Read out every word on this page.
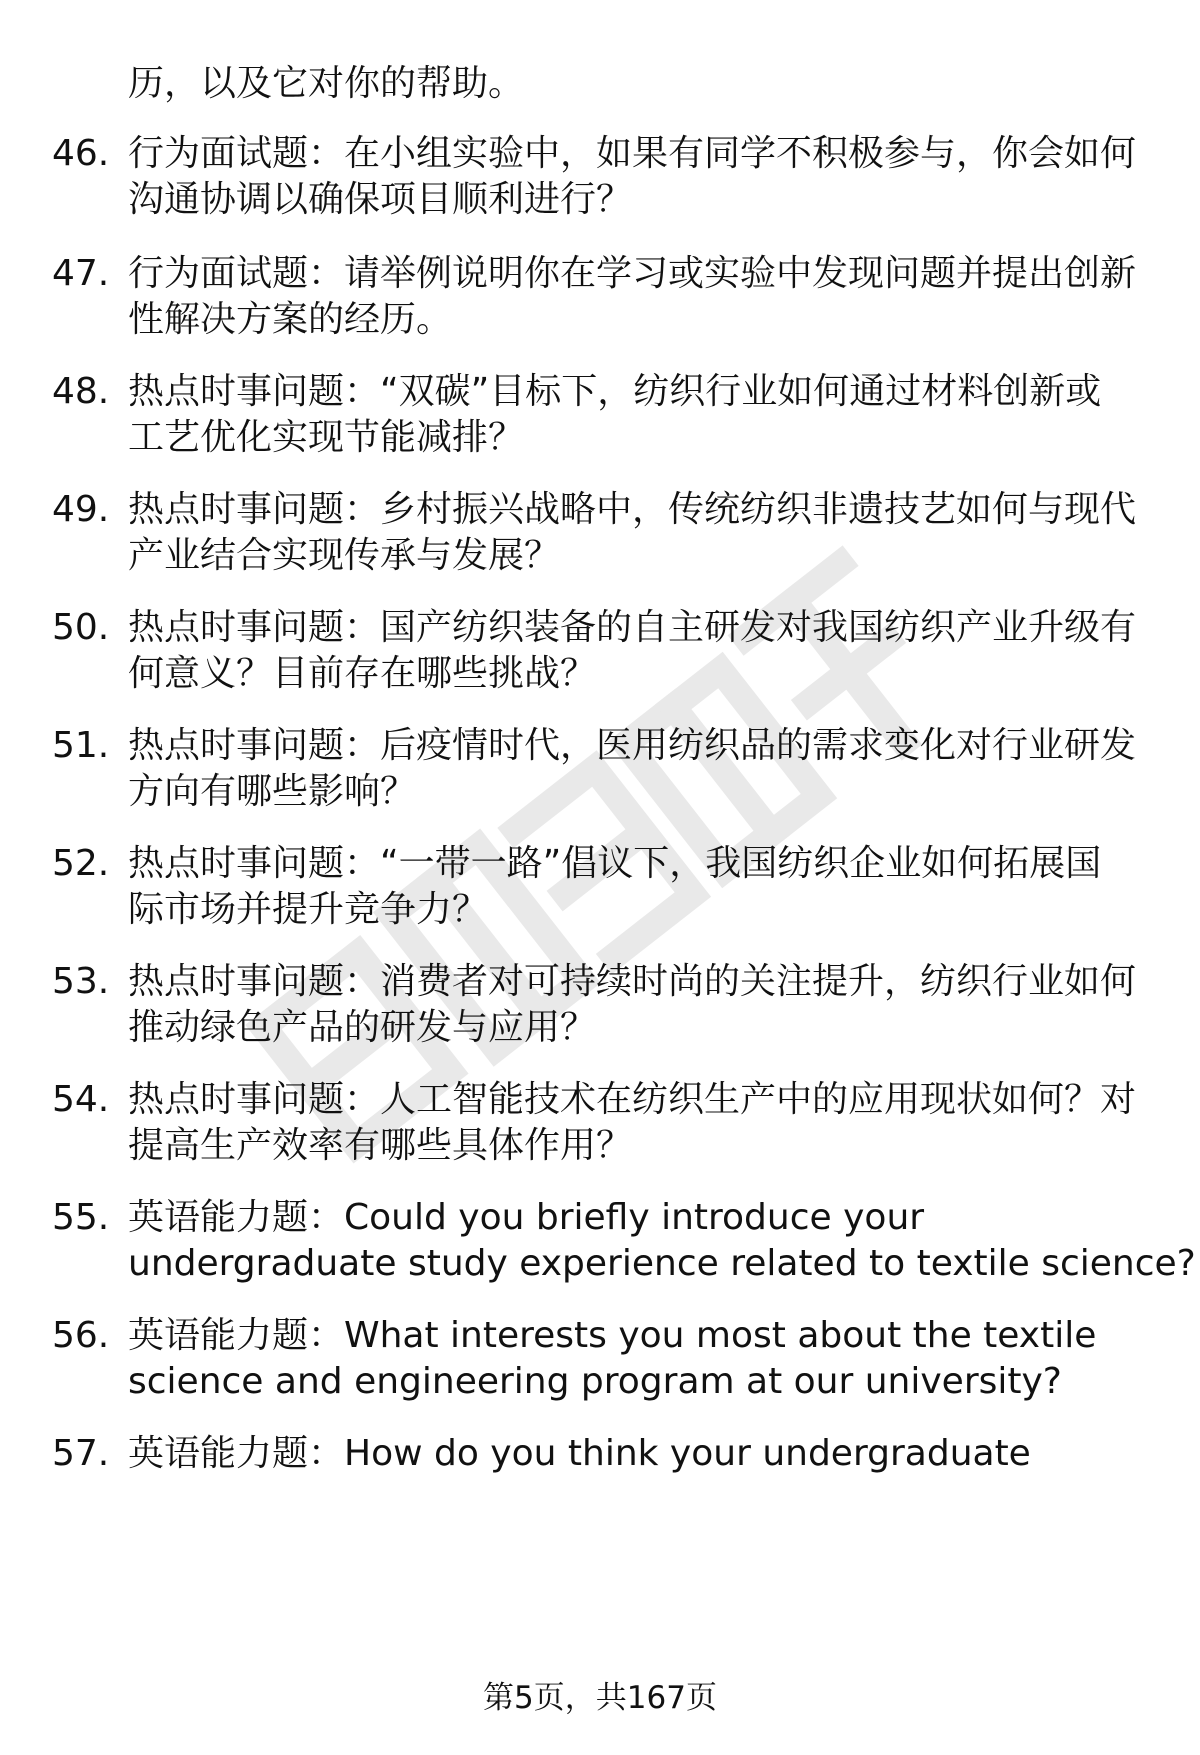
历，以及它对你的帮助。
46. 行为面试题：在小组实验中，如果有同学不积极参与，你会如何
沟通协调以确保项目顺利进行？
47. 行为面试题：请举例说明你在学习或实验中发现问题并提出创新
性解决方案的经历。
48. 热点时事问题：“双碳”目标下，纺织行业如何通过材料创新或
工艺优化实现节能减排？
49. 热点时事问题：乡村振兴战略中，传统纺织非遗技艺如何与现代
产业结合实现传承与发展？
50. 热点时事问题：国产纺织装备的自主研发对我国纺织产业升级有
何意义？目前存在哪些挑战？
51. 热点时事问题：后疫情时代，医用纺织品的需求变化对行业研发
方向有哪些影响？
52. 热点时事问题：“一带一路”倡议下，我国纺织企业如何拓展国
际市场并提升竞争力？
53. 热点时事问题：消费者对可持续时尚的关注提升，纺织行业如何
推动绿色产品的研发与应用？
54. 热点时事问题：人工智能技术在纺织生产中的应用现状如何？对
提高生产效率有哪些具体作用？
55. 英语能力题：Could you briefly introduce your
undergraduate study experience related to textile science?
56. 英语能力题：What interests you most about the textile
science and engineering program at our university?
57. 英语能力题：How do you think your undergraduate
第5页，共167页
